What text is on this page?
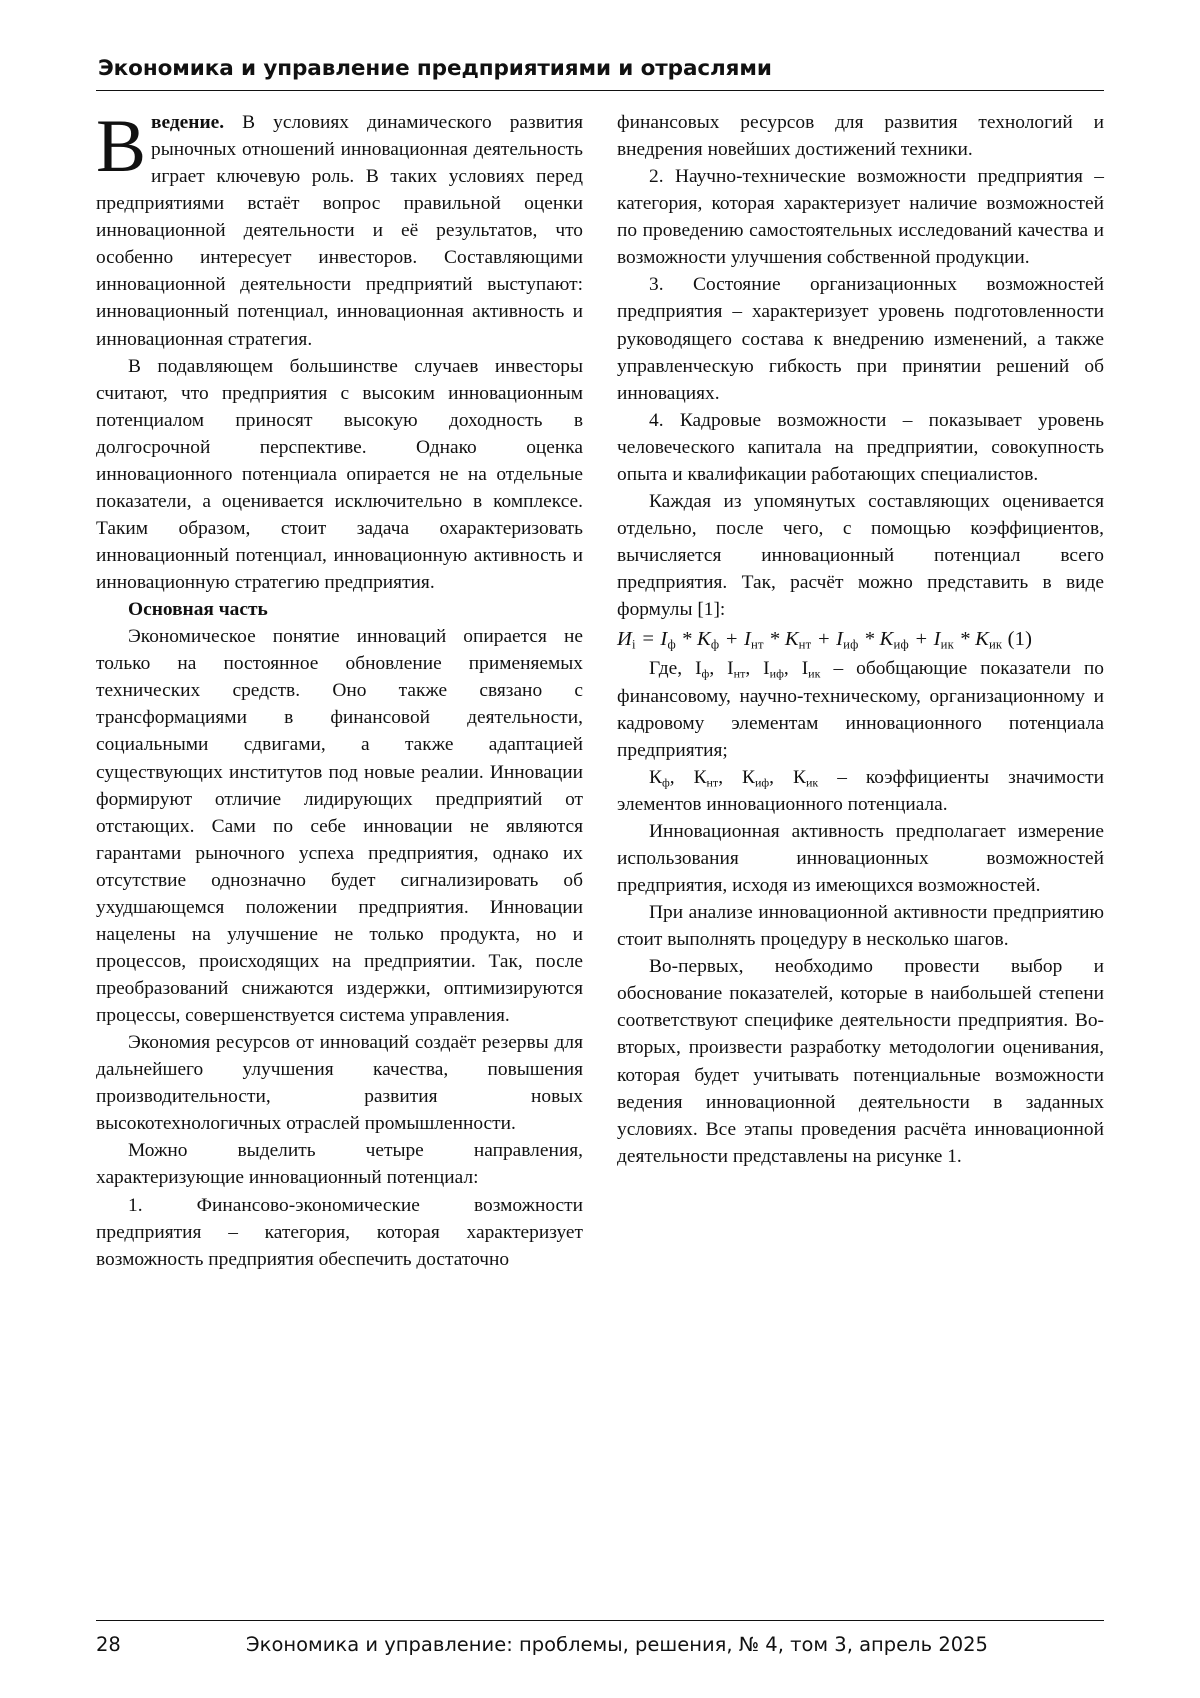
Экономика и управление предприятиями и отраслями

Введение. В условиях динамического развития рыночных отношений инновационная деятельность играет ключевую роль. В таких условиях перед предприятиями встаёт вопрос правильной оценки инновационной деятельности и её результатов, что особенно интересует инвесторов. Составляющими инновационной деятельности предприятий выступают: инновационный потенциал, инновационная активность и инновационная стратегия.

В подавляющем большинстве случаев инвесторы считают, что предприятия с высоким инновационным потенциалом приносят высокую доходность в долгосрочной перспективе. Однако оценка инновационного потенциала опирается не на отдельные показатели, а оценивается исключительно в комплексе. Таким образом, стоит задача охарактеризовать инновационный потенциал, инновационную активность и инновационную стратегию предприятия.

Основная часть

Экономическое понятие инноваций опирается не только на постоянное обновление применяемых технических средств. Оно также связано с трансформациями в финансовой деятельности, социальными сдвигами, а также адаптацией существующих институтов под новые реалии. Инновации формируют отличие лидирующих предприятий от отстающих. Сами по себе инновации не являются гарантами рыночного успеха предприятия, однако их отсутствие однозначно будет сигнализировать об ухудшающемся положении предприятия. Инновации нацелены на улучшение не только продукта, но и процессов, происходящих на предприятии. Так, после преобразований снижаются издержки, оптимизируются процессы, совершенствуется система управления.

Экономия ресурсов от инноваций создаёт резервы для дальнейшего улучшения качества, повышения производительности, развития новых высокотехнологичных отраслей промышленности.

Можно выделить четыре направления, характеризующие инновационный потенциал:

1. Финансово-экономические возможности предприятия – категория, которая характеризует возможность предприятия обеспечить достаточно

финансовых ресурсов для развития технологий и внедрения новейших достижений техники.

2. Научно-технические возможности предприятия – категория, которая характеризует наличие возможностей по проведению самостоятельных исследований качества и возможности улучшения собственной продукции.

3. Состояние организационных возможностей предприятия – характеризует уровень подготовленности руководящего состава к внедрению изменений, а также управленческую гибкость при принятии решений об инновациях.

4. Кадровые возможности – показывает уровень человеческого капитала на предприятии, совокупность опыта и квалификации работающих специалистов.

Каждая из упомянутых составляющих оценивается отдельно, после чего, с помощью коэффициентов, вычисляется инновационный потенциал всего предприятия. Так, расчёт можно представить в виде формулы [1]:

$И_i = I_ф * К_ф + I_{нт} * К_{нт} + I_{иф} * К_{иф} + I_{ик} * К_{ик}$ (1)

Где, $I_ф$, $I_{нт}$, $I_{иф}$, $I_{ик}$ – обобщающие показатели по финансовому, научно-техническому, организационному и кадровому элементам инновационного потенциала предприятия;

$К_ф$, $К_{нт}$, $К_{иф}$, $К_{ик}$ – коэффициенты значимости элементов инновационного потенциала.

Инновационная активность предполагает измерение использования инновационных возможностей предприятия, исходя из имеющихся возможностей.

При анализе инновационной активности предприятию стоит выполнять процедуру в несколько шагов.

Во-первых, необходимо провести выбор и обоснование показателей, которые в наибольшей степени соответствуют специфике деятельности предприятия. Во-вторых, произвести разработку методологии оценивания, которая будет учитывать потенциальные возможности ведения инновационной деятельности в заданных условиях. Все этапы проведения расчёта инновационной деятельности представлены на рисунке 1.

28	Экономика и управление: проблемы, решения, № 4, том 3, апрель 2025
